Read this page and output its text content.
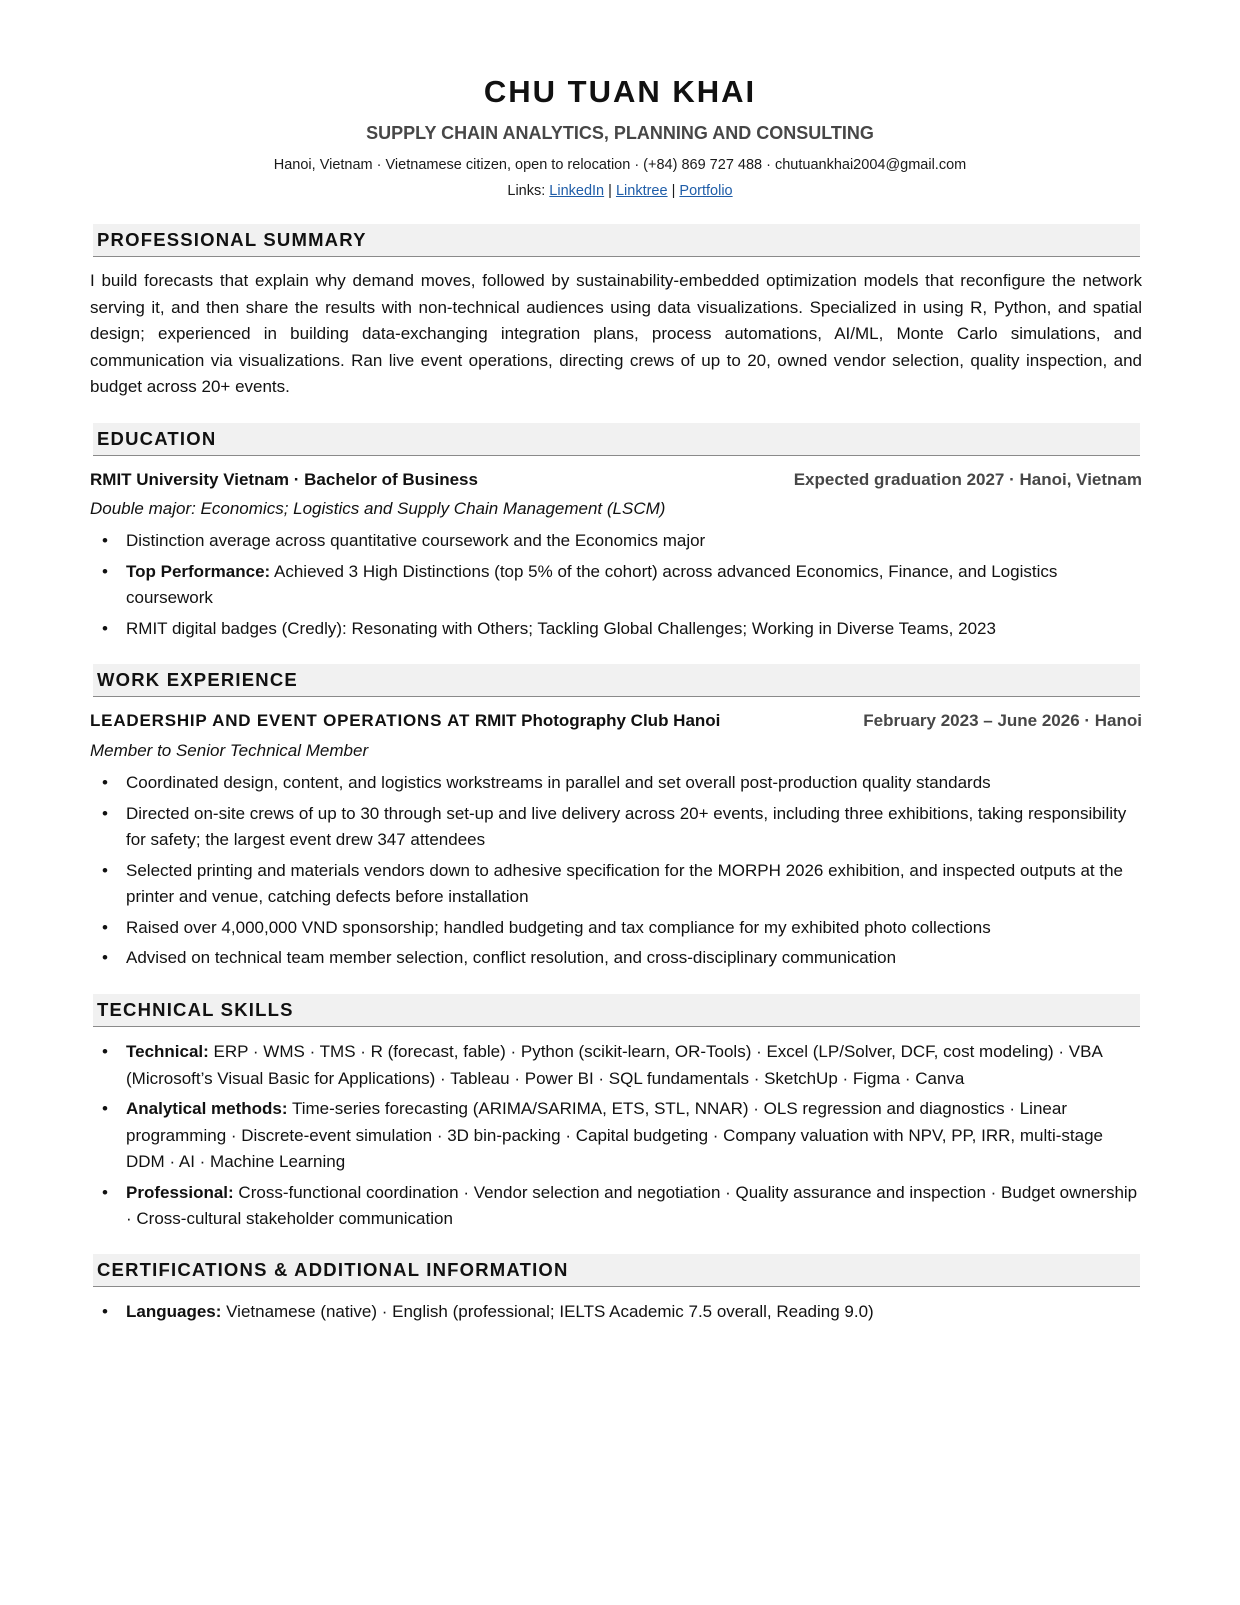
CHU TUAN KHAI
SUPPLY CHAIN ANALYTICS, PLANNING AND CONSULTING
Hanoi, Vietnam · Vietnamese citizen, open to relocation · (+84) 869 727 488 · chutuankhai2004@gmail.com
Links: LinkedIn | Linktree | Portfolio
PROFESSIONAL SUMMARY
I build forecasts that explain why demand moves, followed by sustainability-embedded optimization models that reconfigure the network serving it, and then share the results with non-technical audiences using data visualizations. Specialized in using R, Python, and spatial design; experienced in building data-exchanging integration plans, process automations, AI/ML, Monte Carlo simulations, and communication via visualizations. Ran live event operations, directing crews of up to 20, owned vendor selection, quality inspection, and budget across 20+ events.
EDUCATION
RMIT University Vietnam · Bachelor of Business	Expected graduation 2027 · Hanoi, Vietnam
Double major: Economics; Logistics and Supply Chain Management (LSCM)
• Distinction average across quantitative coursework and the Economics major
• Top Performance: Achieved 3 High Distinctions (top 5% of the cohort) across advanced Economics, Finance, and Logistics coursework
• RMIT digital badges (Credly): Resonating with Others; Tackling Global Challenges; Working in Diverse Teams, 2023
WORK EXPERIENCE
LEADERSHIP AND EVENT OPERATIONS AT RMIT Photography Club Hanoi	February 2023 – June 2026 · Hanoi
Member to Senior Technical Member
• Coordinated design, content, and logistics workstreams in parallel and set overall post-production quality standards
• Directed on-site crews of up to 30 through set-up and live delivery across 20+ events, including three exhibitions, taking responsibility for safety; the largest event drew 347 attendees
• Selected printing and materials vendors down to adhesive specification for the MORPH 2026 exhibition, and inspected outputs at the printer and venue, catching defects before installation
• Raised over 4,000,000 VND sponsorship; handled budgeting and tax compliance for my exhibited photo collections
• Advised on technical team member selection, conflict resolution, and cross-disciplinary communication
TECHNICAL SKILLS
• Technical: ERP · WMS · TMS · R (forecast, fable) · Python (scikit-learn, OR-Tools) · Excel (LP/Solver, DCF, cost modeling) · VBA (Microsoft’s Visual Basic for Applications) · Tableau · Power BI · SQL fundamentals · SketchUp · Figma · Canva
• Analytical methods: Time-series forecasting (ARIMA/SARIMA, ETS, STL, NNAR) · OLS regression and diagnostics · Linear programming · Discrete-event simulation · 3D bin-packing · Capital budgeting · Company valuation with NPV, PP, IRR, multi-stage DDM · AI · Machine Learning
• Professional: Cross-functional coordination · Vendor selection and negotiation · Quality assurance and inspection · Budget ownership · Cross-cultural stakeholder communication
CERTIFICATIONS & ADDITIONAL INFORMATION
• Languages: Vietnamese (native) · English (professional; IELTS Academic 7.5 overall, Reading 9.0)
